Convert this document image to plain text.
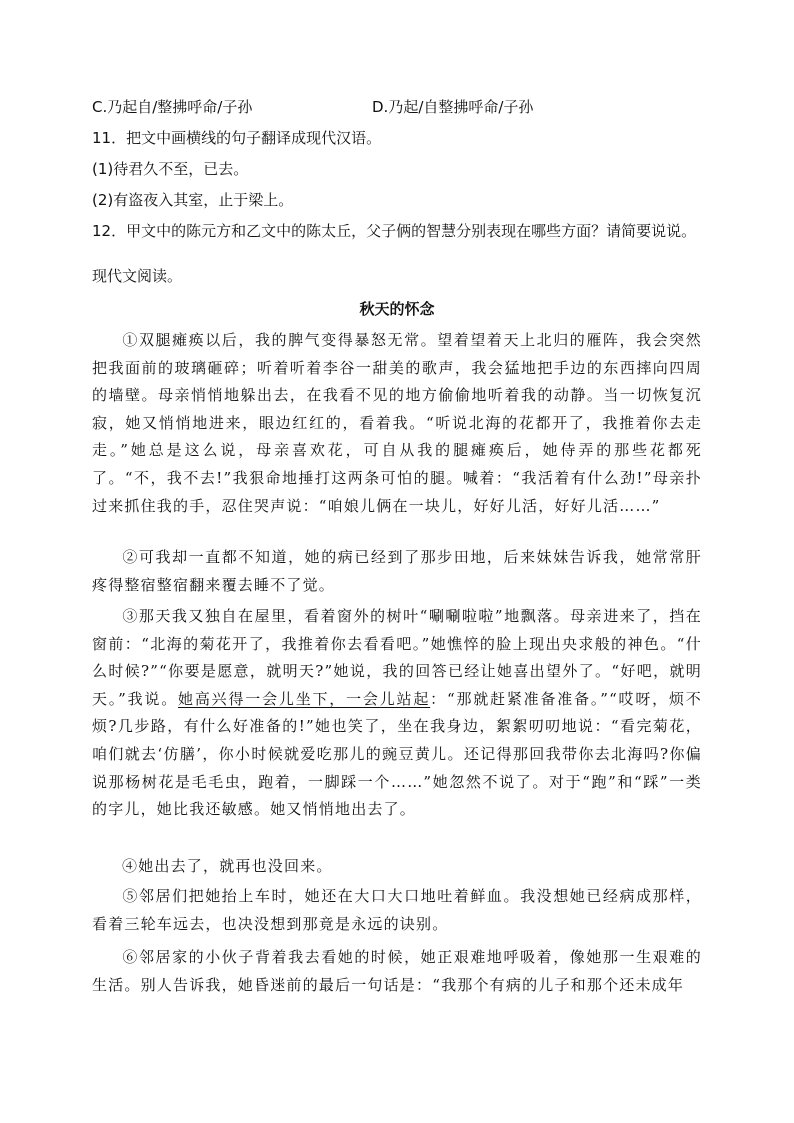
C.乃起自/整拂呼命/子孙	D.乃起/自整拂呼命/子孙
11．把文中画横线的句子翻译成现代汉语。
(1)待君久不至，已去。
(2)有盗夜入其室，止于梁上。
12．甲文中的陈元方和乙文中的陈太丘，父子俩的智慧分别表现在哪些方面？请简要说说。
现代文阅读。
秋天的怀念
①双腿瘫痪以后，我的脾气变得暴怒无常。望着望着天上北归的雁阵，我会突然把我面前的玻璃砸碎；听着听着李谷一甜美的歌声，我会猛地把手边的东西摔向四周的墙壁。母亲悄悄地躲出去，在我看不见的地方偷偷地听着我的动静。当一切恢复沉寂，她又悄悄地进来，眼边红红的，看着我。“听说北海的花都开了，我推着你去走走。”她总是这么说，母亲喜欢花，可自从我的腿瘫痪后，她侍弄的那些花都死了。“不，我不去!”我狠命地捶打这两条可怕的腿。喊着：“我活着有什么劲!”母亲扑过来抓住我的手，忍住哭声说：“咱娘儿俩在一块儿，好好儿活，好好儿活……”
②可我却一直都不知道，她的病已经到了那步田地，后来妹妹告诉我，她常常肝疼得整宿整宿翻来覆去睡不了觉。
③那天我又独自在屋里，看着窗外的树叶“唰唰啦啦”地飘落。母亲进来了，挡在窗前：“北海的菊花开了，我推着你去看看吧。”她憔悴的脸上现出央求般的神色。“什么时候?”“你要是愿意，就明天?”她说，我的回答已经让她喜出望外了。“好吧，就明天。”我说。她高兴得一会儿坐下，一会儿站起：“那就赶紧准备准备。”“哎呀，烦不烦?几步路，有什么好准备的!”她也笑了，坐在我身边，絮絮叨叨地说：“看完菊花，咱们就去‘仿膳’，你小时候就爱吃那儿的豌豆黄儿。还记得那回我带你去北海吗?你偏说那杨树花是毛毛虫，跑着，一脚踩一个……”她忽然不说了。对于“跑”和“踩”一类的字儿，她比我还敏感。她又悄悄地出去了。
④她出去了，就再也没回来。
⑤邻居们把她抬上车时，她还在大口大口地吐着鲜血。我没想她已经病成那样，看着三轮车远去，也决没想到那竟是永远的诀别。
⑥邻居家的小伙子背着我去看她的时候，她正艰难地呼吸着，像她那一生艰难的生活。别人告诉我，她昏迷前的最后一句话是：“我那个有病的儿子和那个还未成年
